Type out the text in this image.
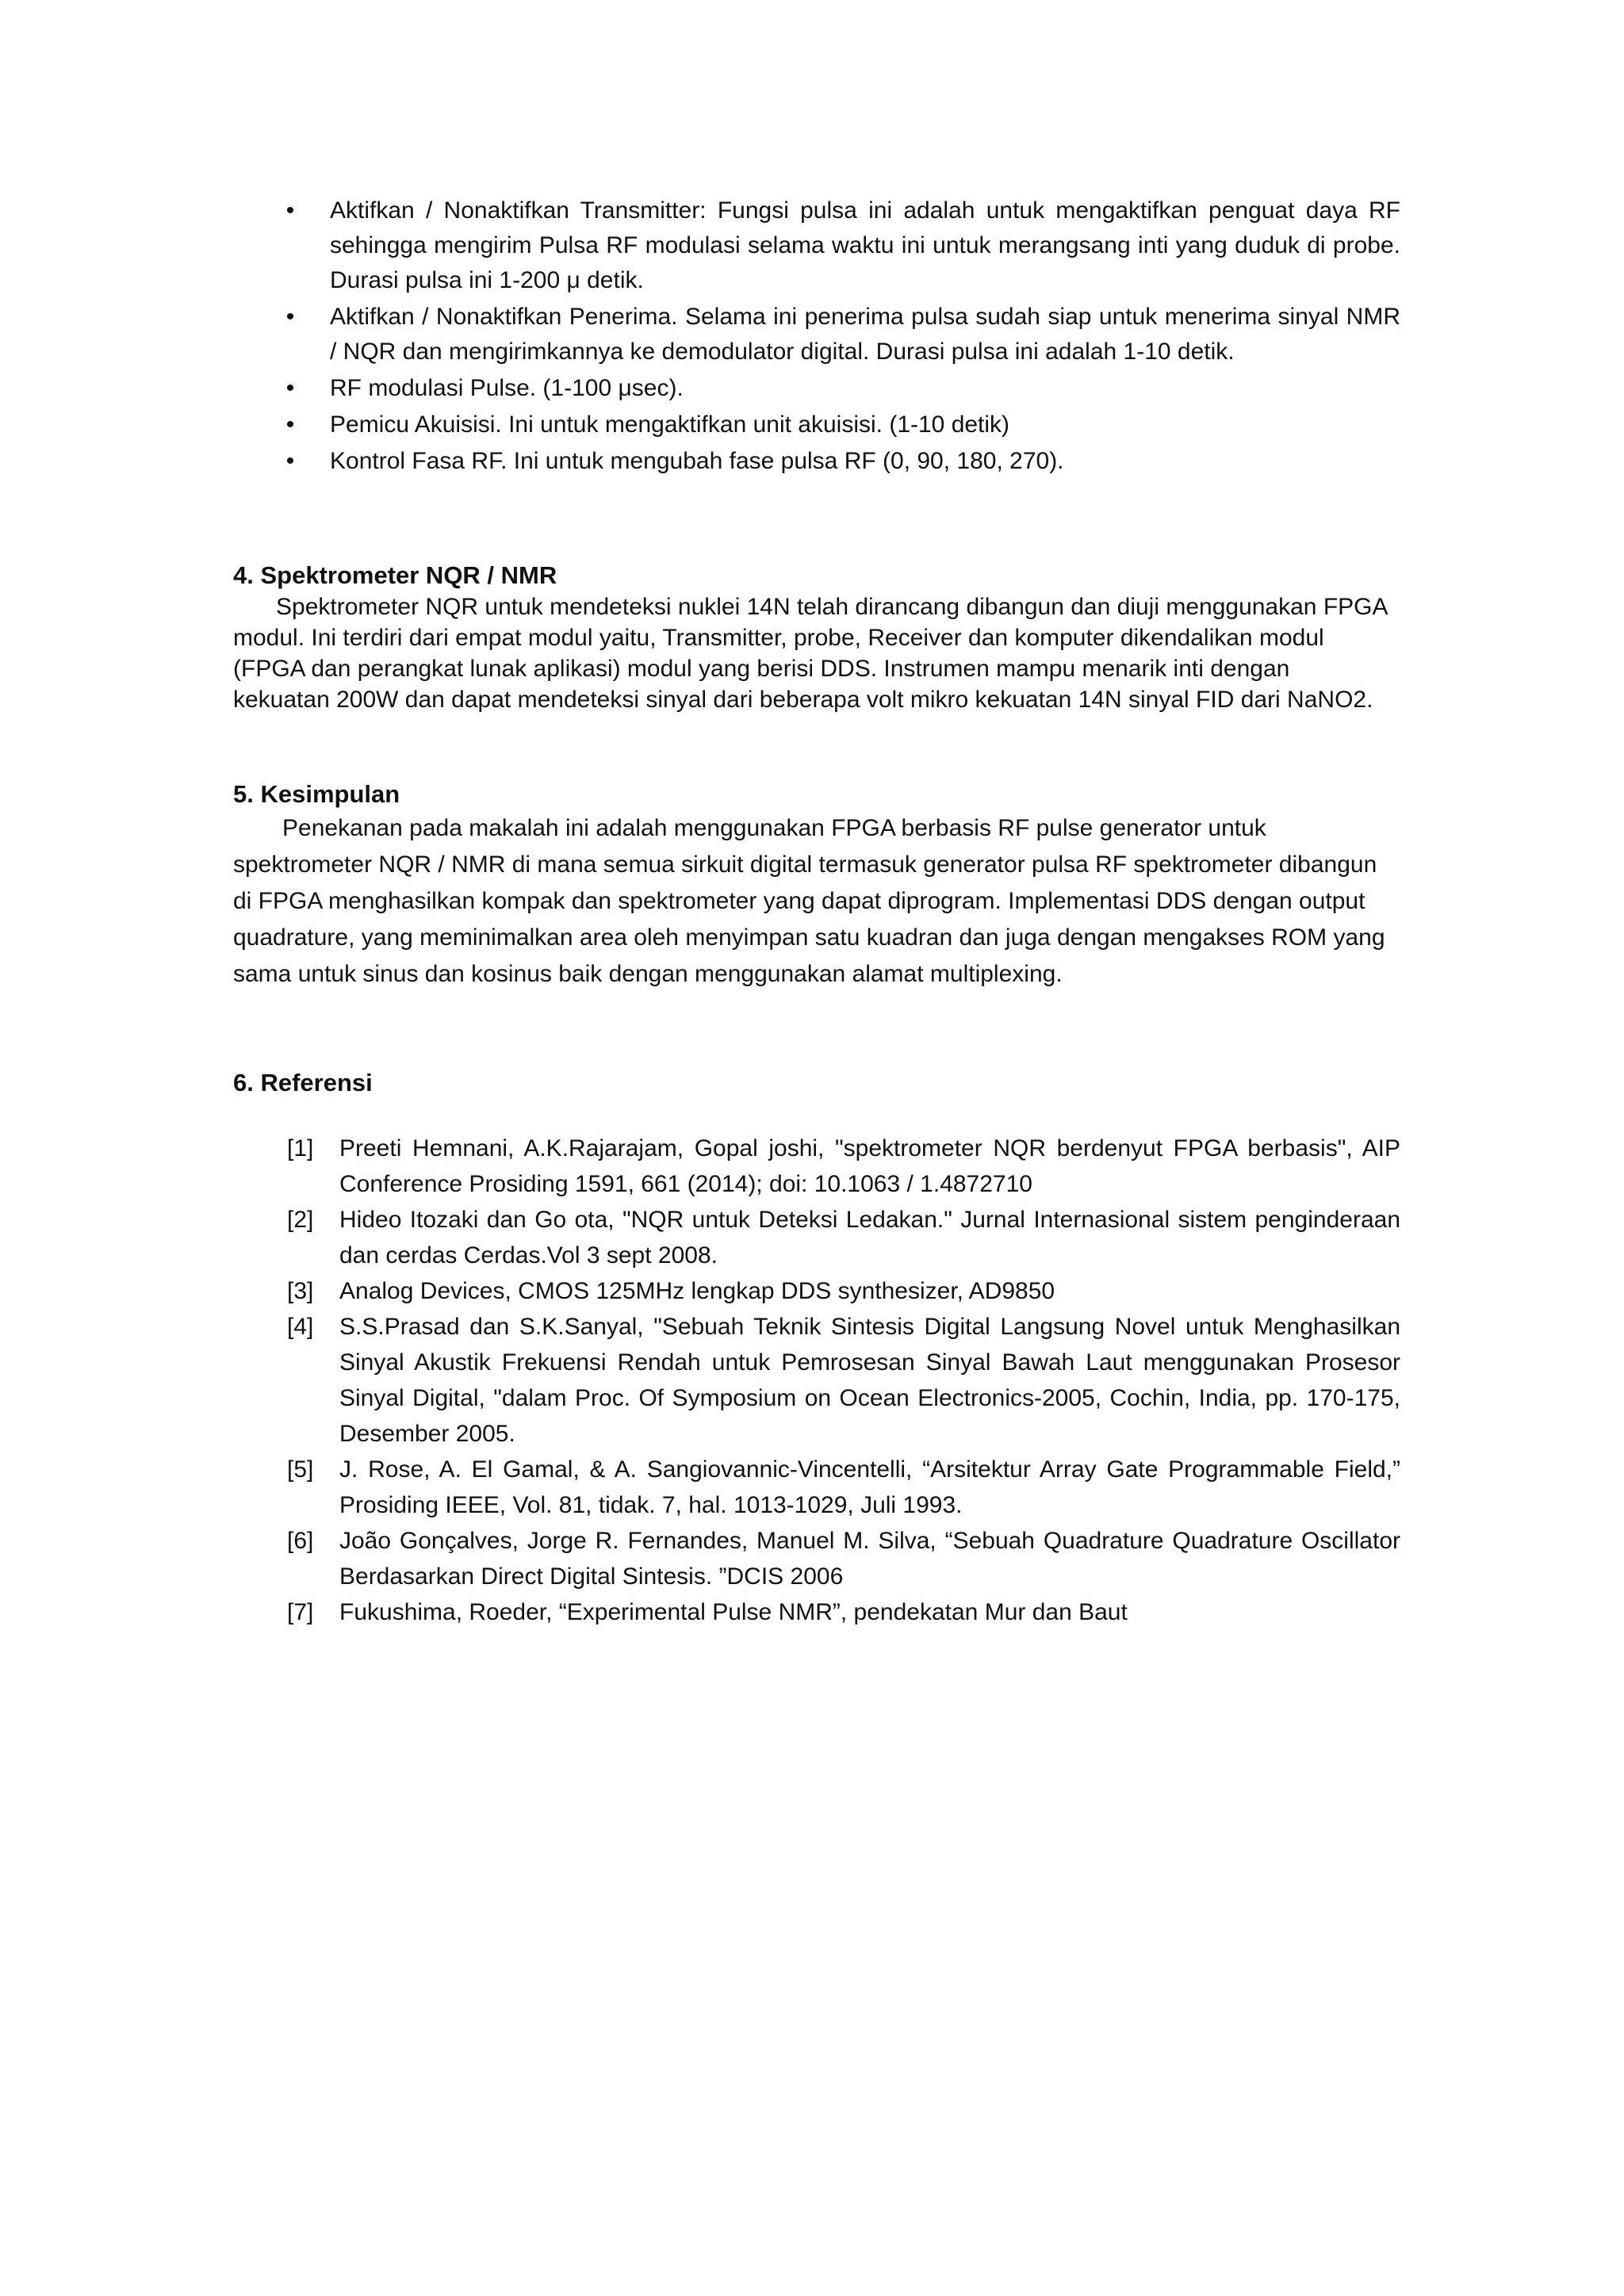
• Aktifkan / Nonaktifkan Transmitter: Fungsi pulsa ini adalah untuk mengaktifkan penguat daya RF sehingga mengirim Pulsa RF modulasi selama waktu ini untuk merangsang inti yang duduk di probe. Durasi pulsa ini 1-200 μ detik.
• Aktifkan / Nonaktifkan Penerima. Selama ini penerima pulsa sudah siap untuk menerima sinyal NMR / NQR dan mengirimkannya ke demodulator digital. Durasi pulsa ini adalah 1-10 detik.
• RF modulasi Pulse. (1-100 μsec).
• Pemicu Akuisisi. Ini untuk mengaktifkan unit akuisisi. (1-10 detik)
• Kontrol Fasa RF. Ini untuk mengubah fase pulsa RF (0, 90, 180, 270).
4. Spektrometer NQR / NMR

Spektrometer NQR untuk mendeteksi nuklei 14N telah dirancang dibangun dan diuji menggunakan FPGA modul. Ini terdiri dari empat modul yaitu, Transmitter, probe, Receiver dan komputer dikendalikan modul (FPGA dan perangkat lunak aplikasi) modul yang berisi DDS. Instrumen mampu menarik inti dengan kekuatan 200W dan dapat mendeteksi sinyal dari beberapa volt mikro kekuatan 14N sinyal FID dari NaNO2.

5. Kesimpulan

Penekanan pada makalah ini adalah menggunakan FPGA berbasis RF pulse generator untuk spektrometer NQR / NMR di mana semua sirkuit digital termasuk generator pulsa RF spektrometer dibangun di FPGA menghasilkan kompak dan spektrometer yang dapat diprogram. Implementasi DDS dengan output quadrature, yang meminimalkan area oleh menyimpan satu kuadran dan juga dengan mengakses ROM yang sama untuk sinus dan kosinus baik dengan menggunakan alamat multiplexing.

6. Referensi
[1] Preeti Hemnani, A.K.Rajarajam, Gopal joshi, "spektrometer NQR berdenyut FPGA berbasis", AIP Conference Prosiding 1591, 661 (2014); doi: 10.1063 / 1.4872710
[2] Hideo Itozaki dan Go ota, "NQR untuk Deteksi Ledakan." Jurnal Internasional sistem penginderaan dan cerdas Cerdas.Vol 3 sept 2008.
[3] Analog Devices, CMOS 125MHz lengkap DDS synthesizer, AD9850
[4] S.S.Prasad dan S.K.Sanyal, "Sebuah Teknik Sintesis Digital Langsung Novel untuk Menghasilkan Sinyal Akustik Frekuensi Rendah untuk Pemrosesan Sinyal Bawah Laut menggunakan Prosesor Sinyal Digital, "dalam Proc. Of Symposium on Ocean Electronics-2005, Cochin, India, pp. 170-175, Desember 2005.
[5] J. Rose, A. El Gamal, & A. Sangiovannic-Vincentelli, “Arsitektur Array Gate Programmable Field,” Prosiding IEEE, Vol. 81, tidak. 7, hal. 1013-1029, Juli 1993.
[6] João Gonçalves, Jorge R. Fernandes, Manuel M. Silva, “Sebuah Quadrature Quadrature Oscillator Berdasarkan Direct Digital Sintesis. ”DCIS 2006
[7] Fukushima, Roeder, “Experimental Pulse NMR”, pendekatan Mur dan Baut
